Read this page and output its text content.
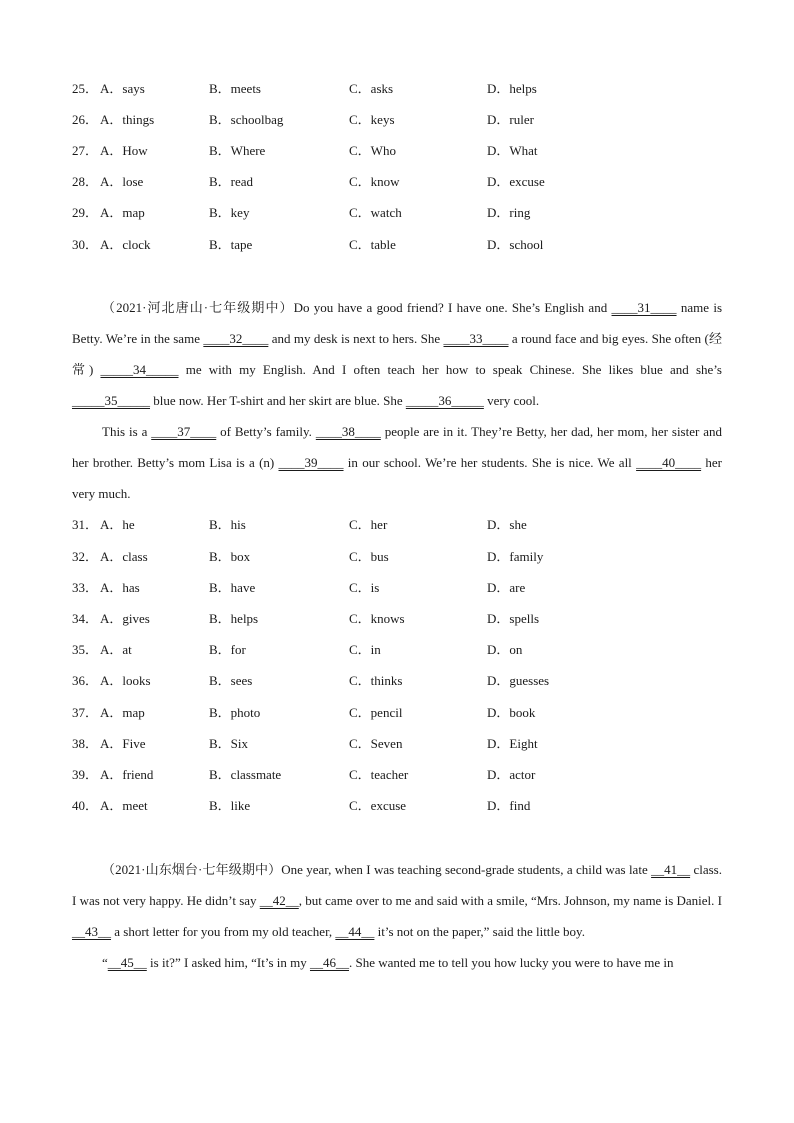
25． A．says	B．meets	C．asks	D．helps
26． A．things	B．schoolbag	C．keys	D．ruler
27． A．How	B．Where	C．Who	D．What
28． A．lose	B．read	C．know	D．excuse
29． A．map	B．key	C．watch	D．ring
30． A．clock	B．tape	C．table	D．school

（2021·河北唐山·七年级期中）Do you have a good friend? I have one. She’s English and ____31____ name is Betty. We’re in the same ____32____ and my desk is next to hers. She ____33____ a round face and big eyes. She often (经常) _____34_____ me with my English. And I often teach her how to speak Chinese. She likes blue and she’s _____35_____ blue now. Her T-shirt and her skirt are blue. She _____36_____ very cool.

This is a ____37____ of Betty’s family. ____38____ people are in it. They’re Betty, her dad, her mom, her sister and her brother. Betty’s mom Lisa is a (n) ____39____ in our school. We’re her students. She is nice. We all ____40____ her very much.

31． A．he	B．his	C．her	D．she
32． A．class	B．box	C．bus	D．family
33． A．has	B．have	C．is	D．are
34． A．gives	B．helps	C．knows	D．spells
35． A．at	B．for	C．in	D．on
36． A．looks	B．sees	C．thinks	D．guesses
37． A．map	B．photo	C．pencil	D．book
38． A．Five	B．Six	C．Seven	D．Eight
39． A．friend	B．classmate	C．teacher	D．actor
40． A．meet	B．like	C．excuse	D．find

（2021·山东烟台·七年级期中）One year, when I was teaching second-grade students, a child was late __41__ class. I was not very happy. He didn’t say __42__, but came over to me and said with a smile, “Mrs. Johnson, my name is Daniel. I __43__ a short letter for you from my old teacher, __44__ it’s not on the paper,” said the little boy.

“__45__ is it?” I asked him, “It’s in my __46__. She wanted me to tell you how lucky you were to have me in
